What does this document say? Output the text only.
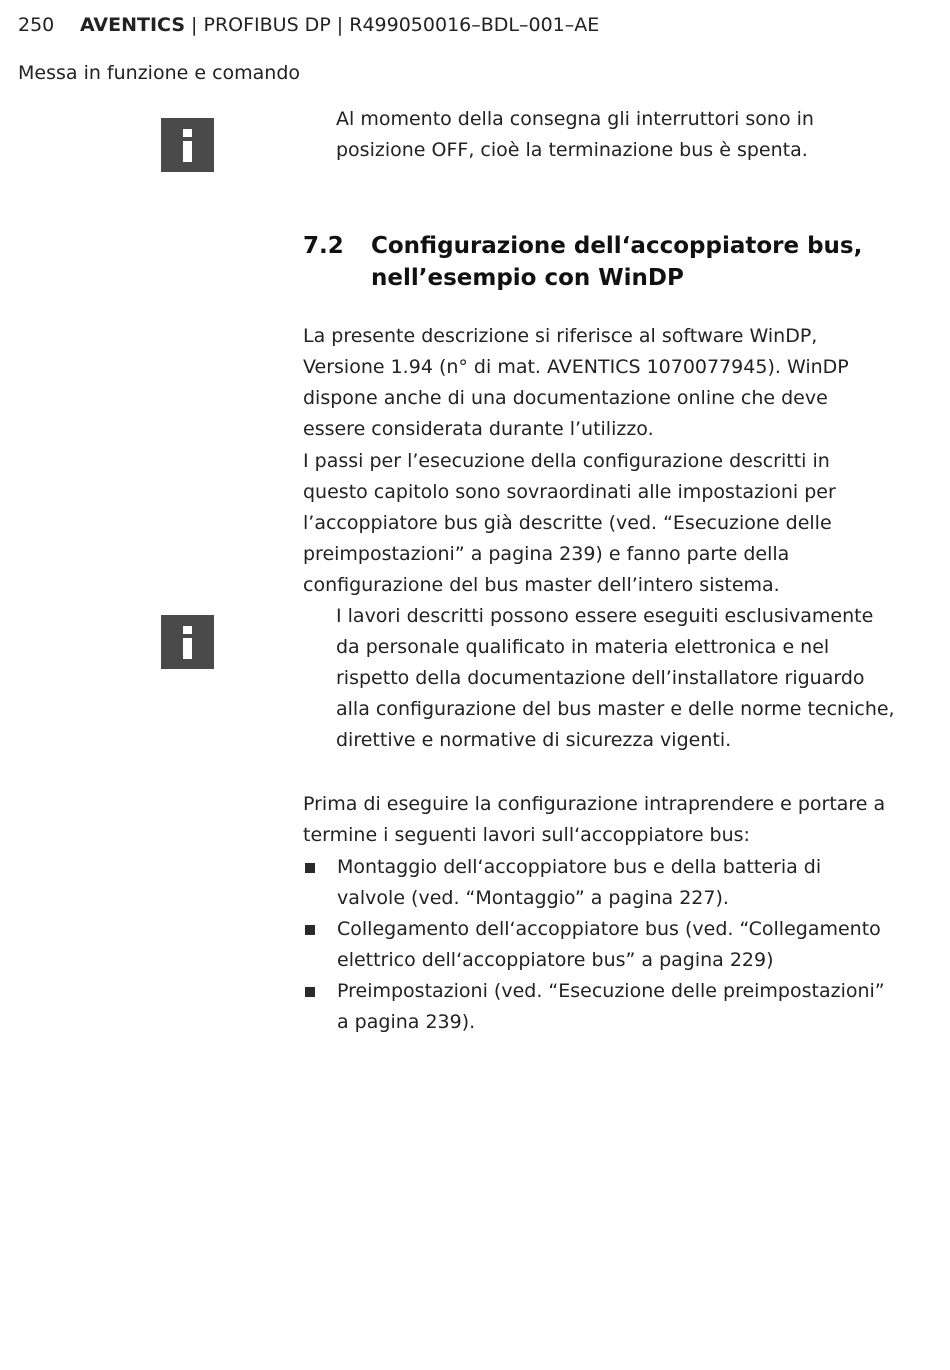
250 AVENTICS | PROFIBUS DP | R499050016–BDL–001–AE
Messa in funzione e comando
Al momento della consegna gli interruttori sono in posizione OFF, cioè la terminazione bus è spenta.
7.2 Configurazione dell‘accoppiatore bus, nell’esempio con WinDP
La presente descrizione si riferisce al software WinDP, Versione 1.94 (n° di mat. AVENTICS 1070077945). WinDP dispone anche di una documentazione online che deve essere considerata durante l’utilizzo.
I passi per l’esecuzione della configurazione descritti in questo capitolo sono sovraordinati alle impostazioni per l’accoppiatore bus già descritte (ved. “Esecuzione delle preimpostazioni” a pagina 239) e fanno parte della configurazione del bus master dell’intero sistema.
I lavori descritti possono essere eseguiti esclusivamente da personale qualificato in materia elettronica e nel rispetto della documentazione dell’installatore riguardo alla configurazione del bus master e delle norme tecniche, direttive e normative di sicurezza vigenti.
Prima di eseguire la configurazione intraprendere e portare a termine i seguenti lavori sull‘accoppiatore bus:
Montaggio dell‘accoppiatore bus e della batteria di valvole (ved. “Montaggio” a pagina 227).
Collegamento dell‘accoppiatore bus (ved. “Collegamento elettrico dell‘accoppiatore bus” a pagina 229)
Preimpostazioni (ved. “Esecuzione delle preimpostazioni” a pagina 239).
